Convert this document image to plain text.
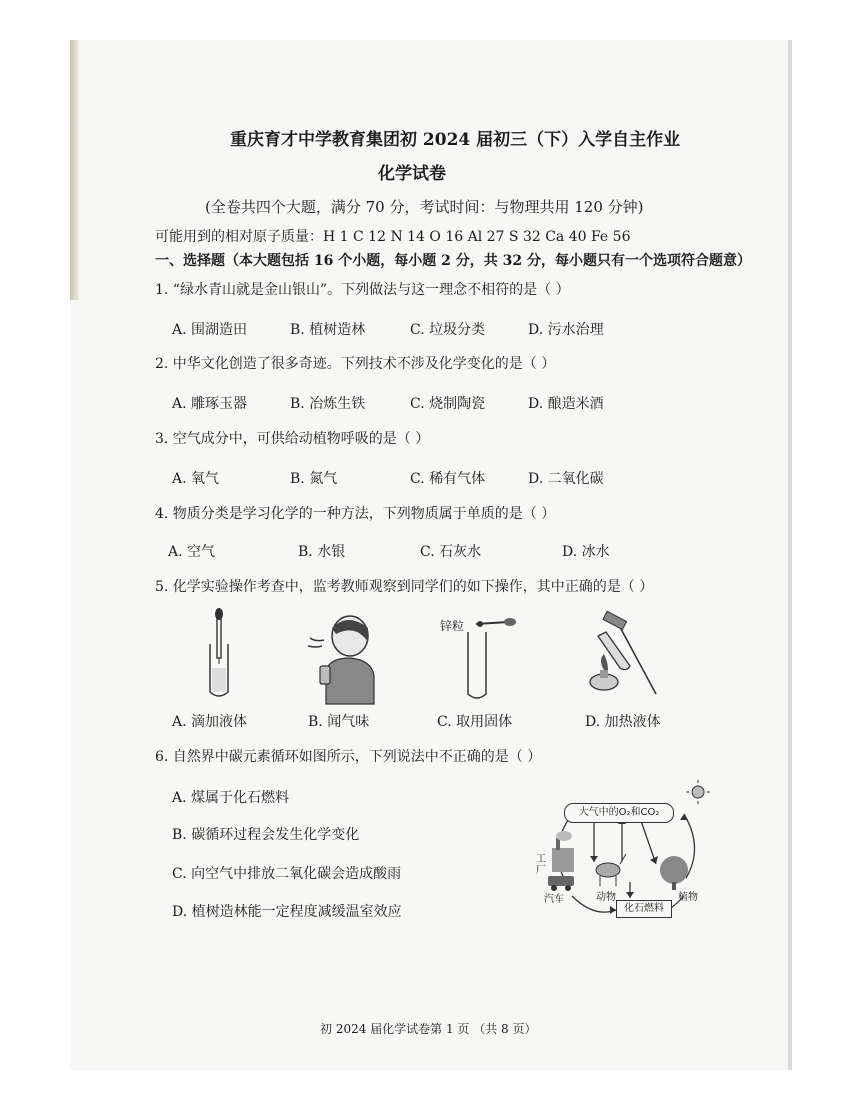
重庆育才中学教育集团初 2024 届初三（下）入学自主作业
化学试卷
(全卷共四个大题，满分 70 分，考试时间：与物理共用 120 分钟)
可能用到的相对原子质量：H 1 C 12 N 14 O 16 Al 27 S 32 Ca 40 Fe 56
一、选择题（本大题包括 16 个小题，每小题 2 分，共 32 分，每小题只有一个选项符合题意）
1. “绿水青山就是金山银山”。下列做法与这一理念不相符的是（ ）
A. 围湖造田	B. 植树造林	C. 垃圾分类	D. 污水治理
2. 中华文化创造了很多奇迹。下列技术不涉及化学变化的是（ ）
A. 雕琢玉器	B. 冶炼生铁	C. 烧制陶瓷	D. 酿造米酒
3. 空气成分中，可供给动植物呼吸的是（ ）
A. 氧气	B. 氮气	C. 稀有气体	D. 二氧化碳
4. 物质分类是学习化学的一种方法，下列物质属于单质的是（ ）
A. 空气	B. 水银	C. 石灰水	D. 冰水
5. 化学实验操作考查中，监考教师观察到同学们的如下操作，其中正确的是（ ）
锌粒
A. 滴加液体	B. 闻气味	C. 取用固体	D. 加热液体
6. 自然界中碳元素循环如图所示，下列说法中不正确的是（ ）
A. 煤属于化石燃料
B. 碳循环过程会发生化学变化
C. 向空气中排放二氧化碳会造成酸雨
D. 植树造林能一定程度减缓温室效应
大气中的O₂和CO₂
工厂
汽车	动物	植物
化石燃料
初 2024 届化学试卷第 1 页 （共 8 页）
